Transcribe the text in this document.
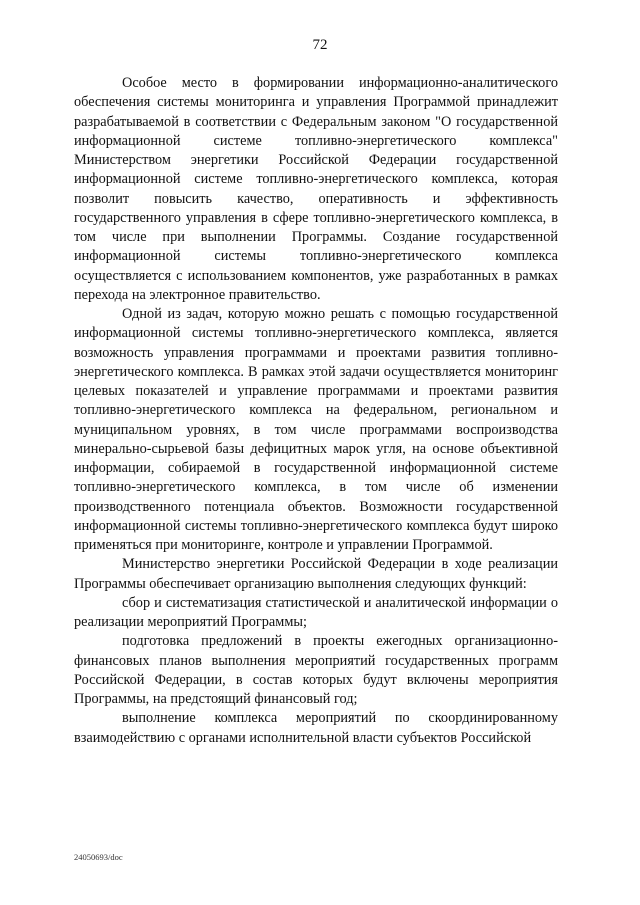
72

Особое место в формировании информационно-аналитического обеспечения системы мониторинга и управления Программой принадлежит разрабатываемой в соответствии с Федеральным законом "О государственной информационной системе топливно-энергетического комплекса" Министерством энергетики Российской Федерации государственной информационной системе топливно-энергетического комплекса, которая позволит повысить качество, оперативность и эффективность государственного управления в сфере топливно-энергетического комплекса, в том числе при выполнении Программы. Создание государственной информационной системы топливно-энергетического комплекса осуществляется с использованием компонентов, уже разработанных в рамках перехода на электронное правительство.

Одной из задач, которую можно решать с помощью государственной информационной системы топливно-энергетического комплекса, является возможность управления программами и проектами развития топливно-энергетического комплекса. В рамках этой задачи осуществляется мониторинг целевых показателей и управление программами и проектами развития топливно-энергетического комплекса на федеральном, региональном и муниципальном уровнях, в том числе программами воспроизводства минерально-сырьевой базы дефицитных марок угля, на основе объективной информации, собираемой в государственной информационной системе топливно-энергетического комплекса, в том числе об изменении производственного потенциала объектов. Возможности государственной информационной системы топливно-энергетического комплекса будут широко применяться при мониторинге, контроле и управлении Программой.

Министерство энергетики Российской Федерации в ходе реализации Программы обеспечивает организацию выполнения следующих функций:

сбор и систематизация статистической и аналитической информации о реализации мероприятий Программы;

подготовка предложений в проекты ежегодных организационно-финансовых планов выполнения мероприятий государственных программ Российской Федерации, в состав которых будут включены мероприятия Программы, на предстоящий финансовый год;

выполнение комплекса мероприятий по скоординированному взаимодействию с органами исполнительной власти субъектов Российской

24050693/doc
